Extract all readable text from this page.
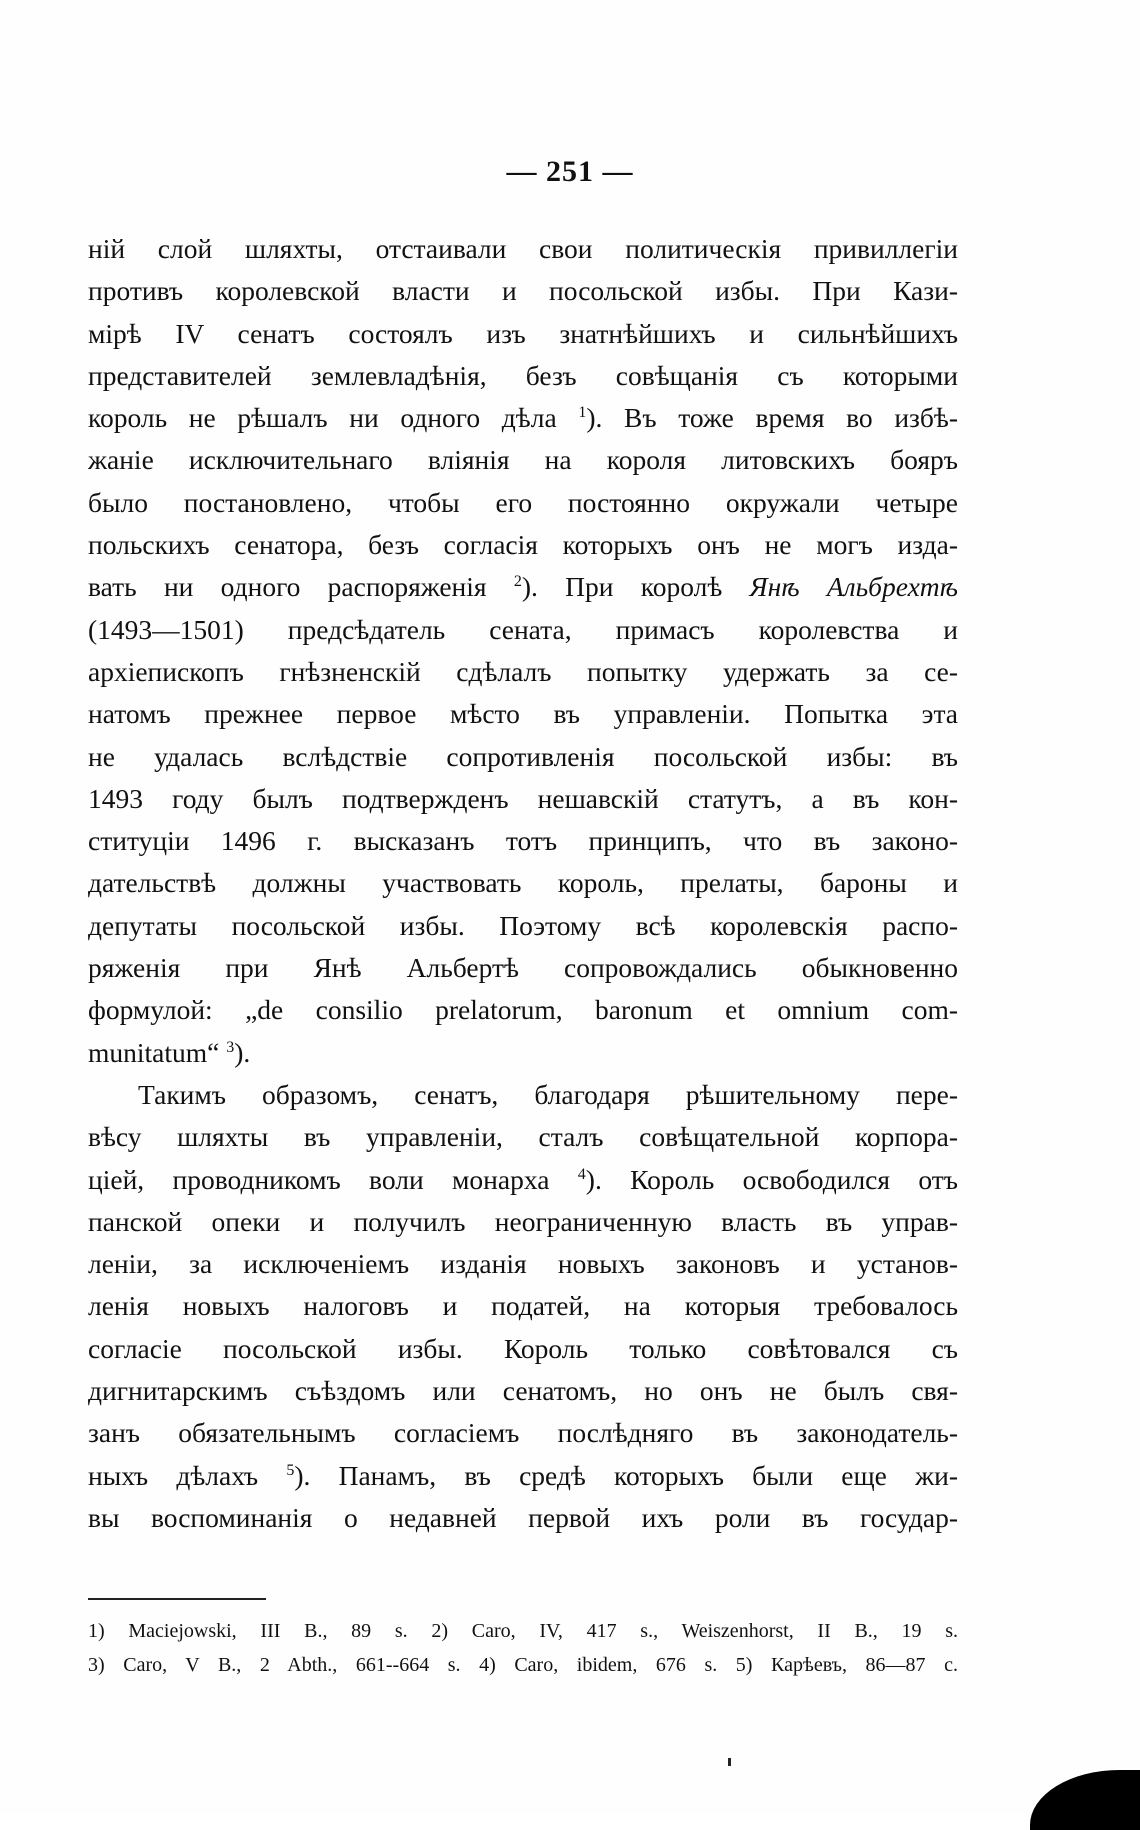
— 251 —
ній слой шляхты, отстаивали свои политическія привиллегіи
противъ королевской власти и посольской избы. При Кази-
мірѣ IV сенатъ состоялъ изъ знатнѣйшихъ и сильнѣйшихъ
представителей землевладѣнія, безъ совѣщанія съ которыми
король не рѣшалъ ни одного дѣла $^1$). Въ тоже время во избѣ-
жаніе исключительнаго вліянія на короля литовскихъ бояръ
было постановлено, чтобы его постоянно окружали четыре
польскихъ сенатора, безъ согласія которыхъ онъ не могъ изда-
вать ни одного распоряженія $^2$). При королѣ Янѣ Альбрехтѣ
(1493—1501) предсѣдатель сената, примасъ королевства и
архіепископъ гнѣзненскій сдѣлалъ попытку удержать за се-
натомъ прежнее первое мѣсто въ управленіи. Попытка эта
не удалась вслѣдствіе сопротивленія посольской избы: въ
1493 году былъ подтвержденъ нешавскій статутъ, а въ кон-
ституціи 1496 г. высказанъ тотъ принципъ, что въ законо-
дательствѣ должны участвовать король, прелаты, бароны и
депутаты посольской избы. Поэтому всѣ королевскія распо-
ряженія при Янѣ Альбертѣ сопровождались обыкновенно
формулой: „de consilio prelatorum, baronum et omnium com-
munitatum“ $^3$).
Такимъ образомъ, сенатъ, благодаря рѣшительному пере-
вѣсу шляхты въ управленіи, сталъ совѣщательной корпора-
ціей, проводникомъ воли монарха $^4$). Король освободился отъ
панской опеки и получилъ неограниченную власть въ управ-
леніи, за исключеніемъ изданія новыхъ законовъ и установ-
ленія новыхъ налоговъ и податей, на которыя требовалось
согласіе посольской избы. Король только совѣтовался съ
дигнитарскимъ съѣздомъ или сенатомъ, но онъ не былъ свя-
занъ обязательнымъ согласіемъ послѣдняго въ законодатель-
ныхъ дѣлахъ $^5$). Панамъ, въ средѣ которыхъ были еще жи-
вы воспоминанія о недавней первой ихъ роли въ государ-
1) Maciejowski, III B., 89 s. 2) Caro, IV, 417 s., Weiszenhorst, II B., 19 s.
3) Caro, V B., 2 Abth., 661--664 s. 4) Caro, ibidem, 676 s. 5) Карѣевъ, 86—87 с.
